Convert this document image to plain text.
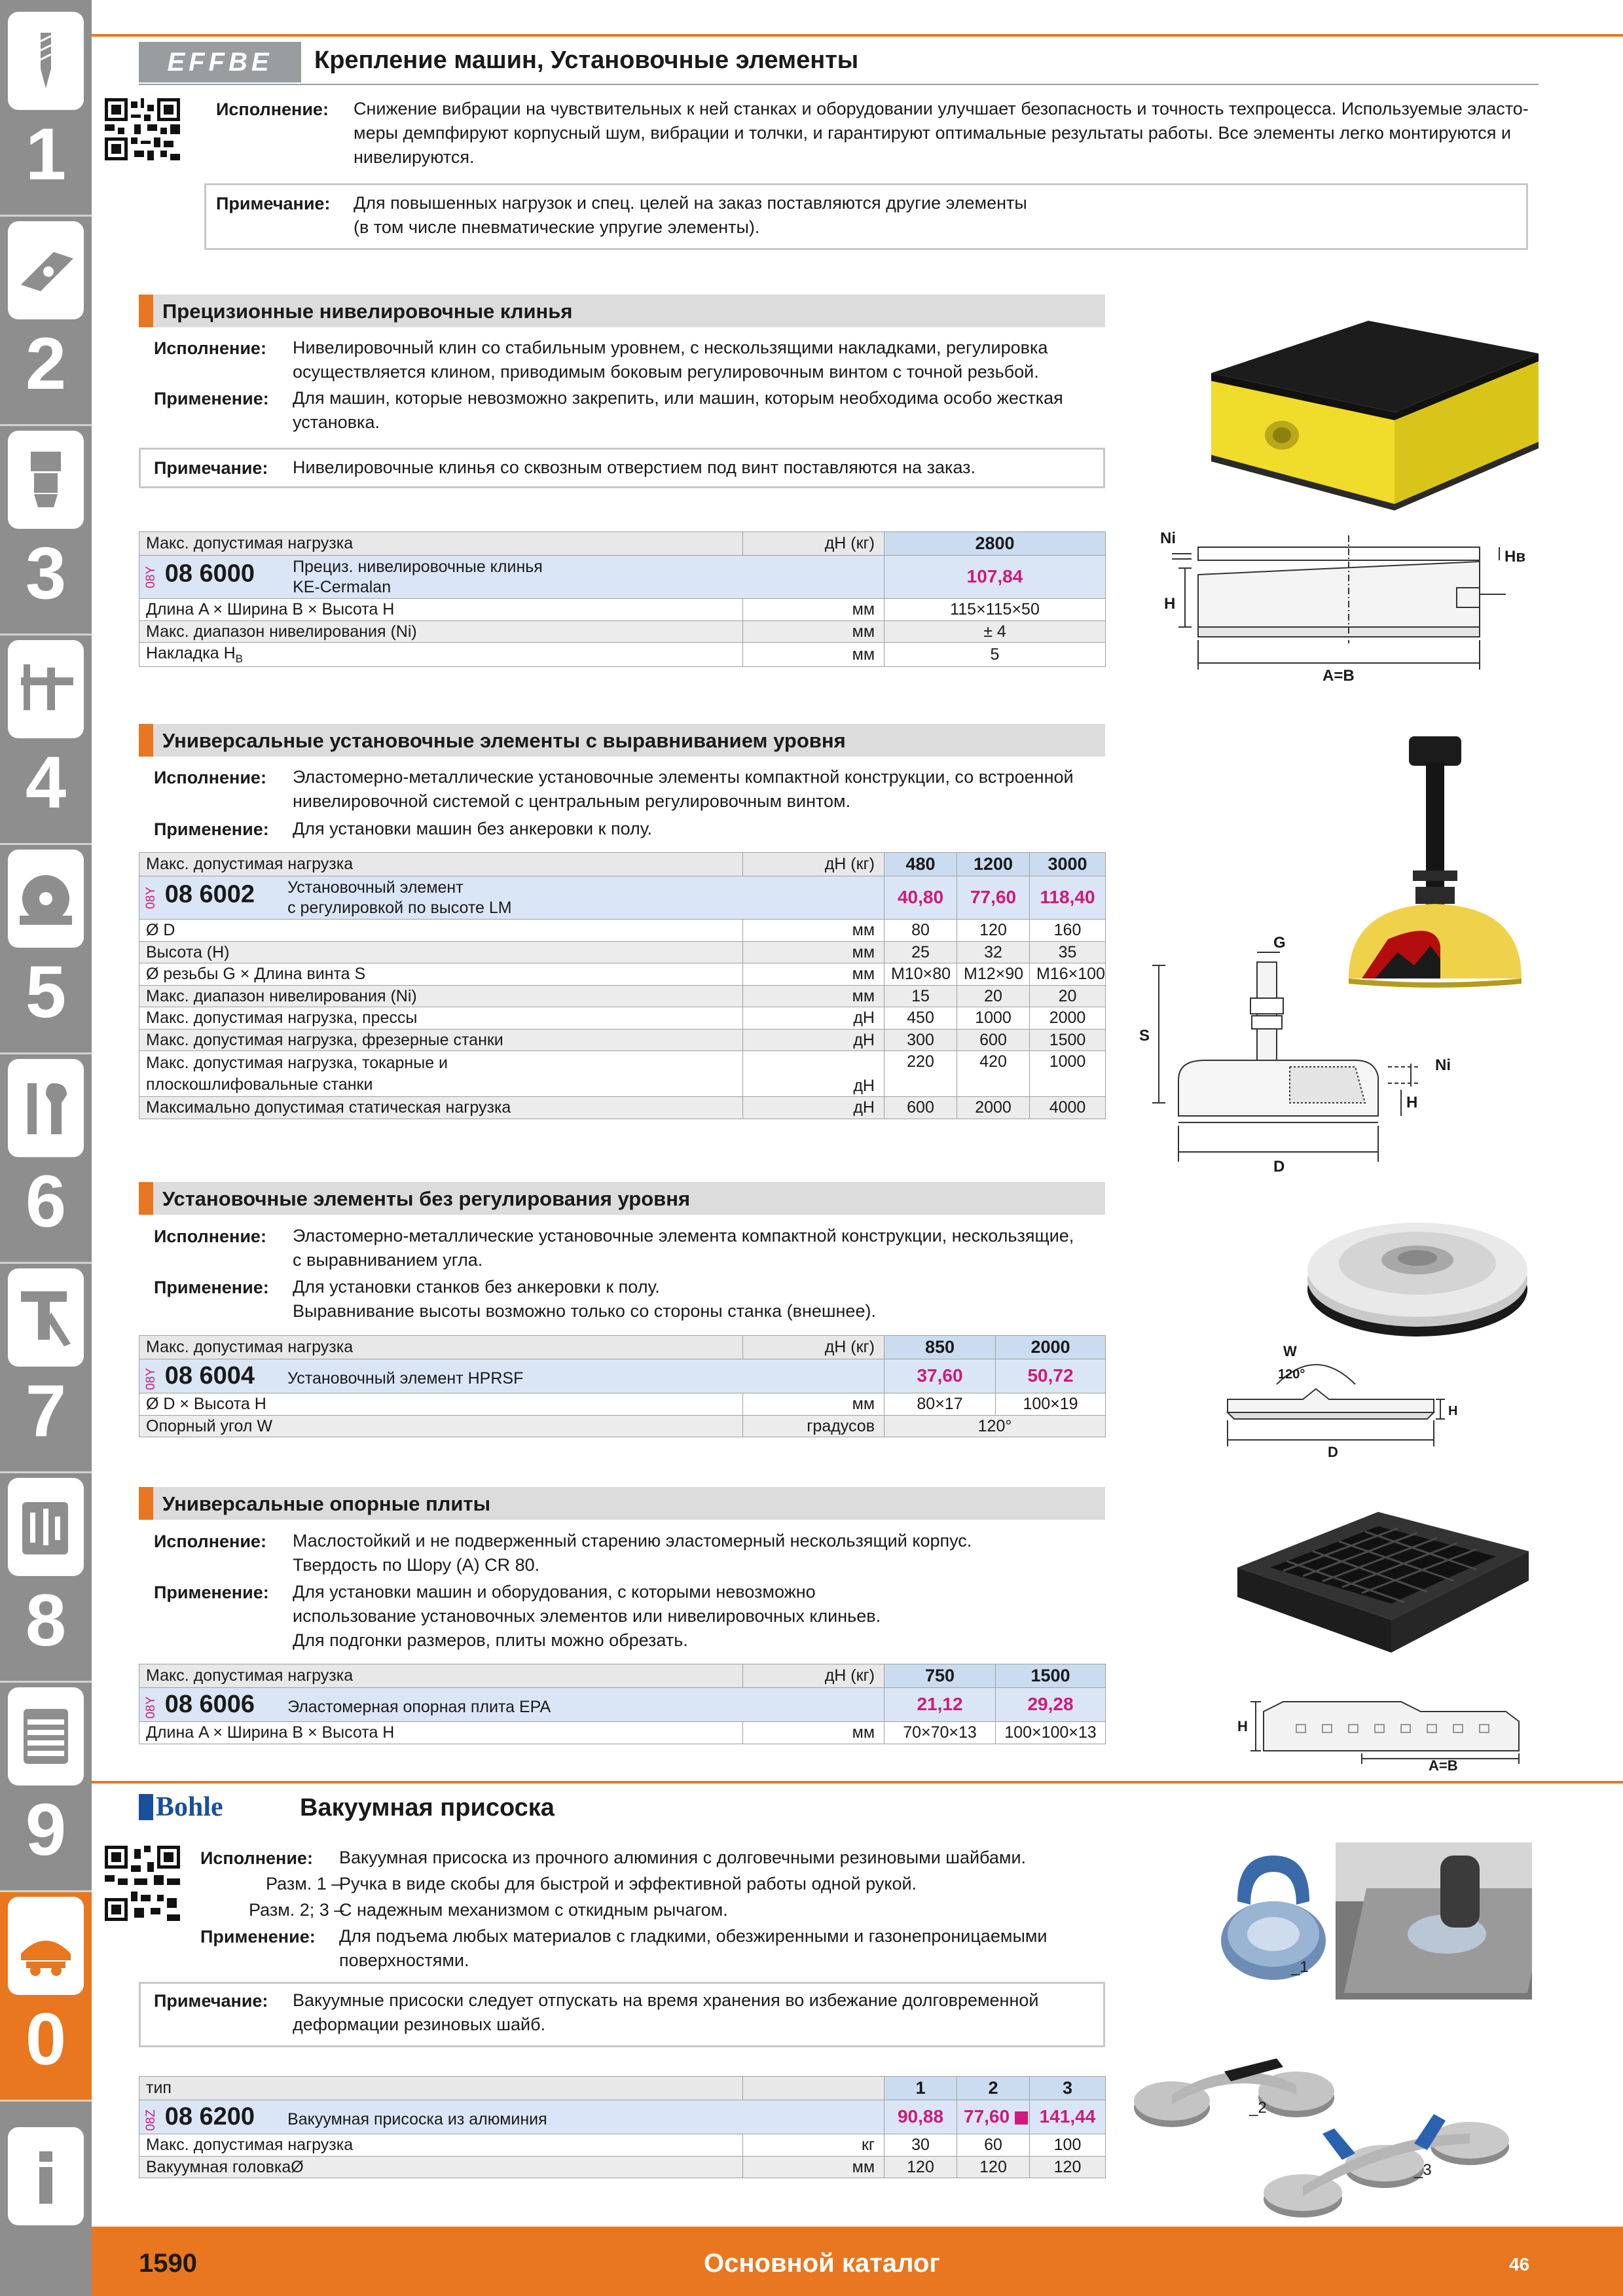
1
2
3
4
5
6
7
8
9
0
EFFBE Крепление машин, Установочные элементы
Исполнение: Снижение вибрации на чувствительных к ней станках и оборудовании улучшает безопасность и точность техпроцесса. Используемые эласто-
меры демпфируют корпусный шум, вибрации и толчки, и гарантируют оптимальные результаты работы. Все элементы легко монтируются и
нивелируются.
Примечание: Для повышенных нагрузок и спец. целей на заказ поставляются другие элементы
(в том числе пневматические упругие элементы).
Прецизионные нивелировочные клинья
Исполнение: Нивелировочный клин со стабильным уровнем, с нескользящими накладками, регулировка
осуществляется клином, приводимым боковым регулировочным винтом с точной резьбой.
Применение: Для машин, которые невозможно закрепить, или машин, которым необходима особо жесткая
установка.
Примечание: Нивелировочные клинья со сквозным отверстием под винт поставляются на заказ.
Макс. допустимая нагрузка	дН (кг)	2800
08Y 08 6000 Прециз. нивелировочные клинья
KE-Cermalan		107,84
Длина A × Ширина B × Высота H	мм	115×115×50
Макс. диапазон нивелирования (Ni)	мм	± 4
Накладка $H_B$	мм	5
Ni
H
Hв
A=B
Универсальные установочные элементы с выравниванием уровня
Исполнение: Эластомерно-металлические установочные элементы компактной конструкции, со встроенной
нивелировочной системой с центральным регулировочным винтом.
Применение: Для установки машин без анкеровки к полу.
Макс. допустимая нагрузка	дН (кг)	480	1200	3000
08Y 08 6002 Установочный элемент
с регулировкой по высоте LM		40,80	77,60	118,40
Ø D	мм	80	120	160
Высота (H)	мм	25	32	35
Ø резьбы G × Длина винта S	мм	M10×80	M12×90	M16×100
Макс. диапазон нивелирования (Ni)	мм	15	20	20
Макс. допустимая нагрузка, прессы	дН	450	1000	2000
Макс. допустимая нагрузка, фрезерные станки	дН	300	600	1500

Макс. допустимая нагрузка, токарные и
плоскошлифовальные станки	дН	220	420	1000
Максимально допустимая статическая нагрузка	дН	600	2000	4000
G
S
Ni
H
D
Установочные элементы без регулирования уровня
Исполнение: Эластомерно-металлические установочные элемента компактной конструкции, нескользящие,
с выравниванием угла.
Применение: Для установки станков без анкеровки к полу.
Выравнивание высоты возможно только со стороны станка (внешнее).
Макс. допустимая нагрузка	дН (кг)	850	2000
08Y 08 6004 Установочный элемент HPRSF		37,60	50,72
Ø D × Высота H	мм	80×17	100×19
Опорный угол W	градусов	120°	
W
120°
H
D
Универсальные опорные плиты
Исполнение: Маслостойкий и не подверженный старению эластомерный нескользящий корпус.
Твердость по Шору (A) CR 80.
Применение: Для установки машин и оборудования, с которыми невозможно
использование установочных элементов или нивелировочных клиньев.
Для подгонки размеров, плиты можно обрезать.
Макс. допустимая нагрузка	дН (кг)	750	1500
08Y 08 6006 Эластомерная опорная плита EPA		21,12	29,28
Длина A × Ширина B × Высота H	мм	70×70×13	100×100×13	H
A=B
Bohle	Вакуумная присоска
Исполнение: Вакуумная присоска из прочного алюминия с долговечными резиновыми шайбами.
Разм. 1 –
Ручка в виде скобы для быстрой и эффективной работы одной рукой.
Разм. 2; 3 –
С надежным механизмом с откидным рычагом.
Применение: Для подъема любых материалов с гладкими, обезжиренными и газонепроницаемыми
поверхностями.
Примечание: Вакуумные присоски следует отпускать на время хранения во избежание долговременной
деформации резиновых шайб.
тип		1	2	3
08Z 08 6200 Вакуумная присоска из алюминия		90,88	77,60	141,44
Макс. допустимая нагрузка	кг	30	60	100
Вакуумная головкаØ	мм	120	120	120
_1
_2
_3
1590	Основной каталог	46
